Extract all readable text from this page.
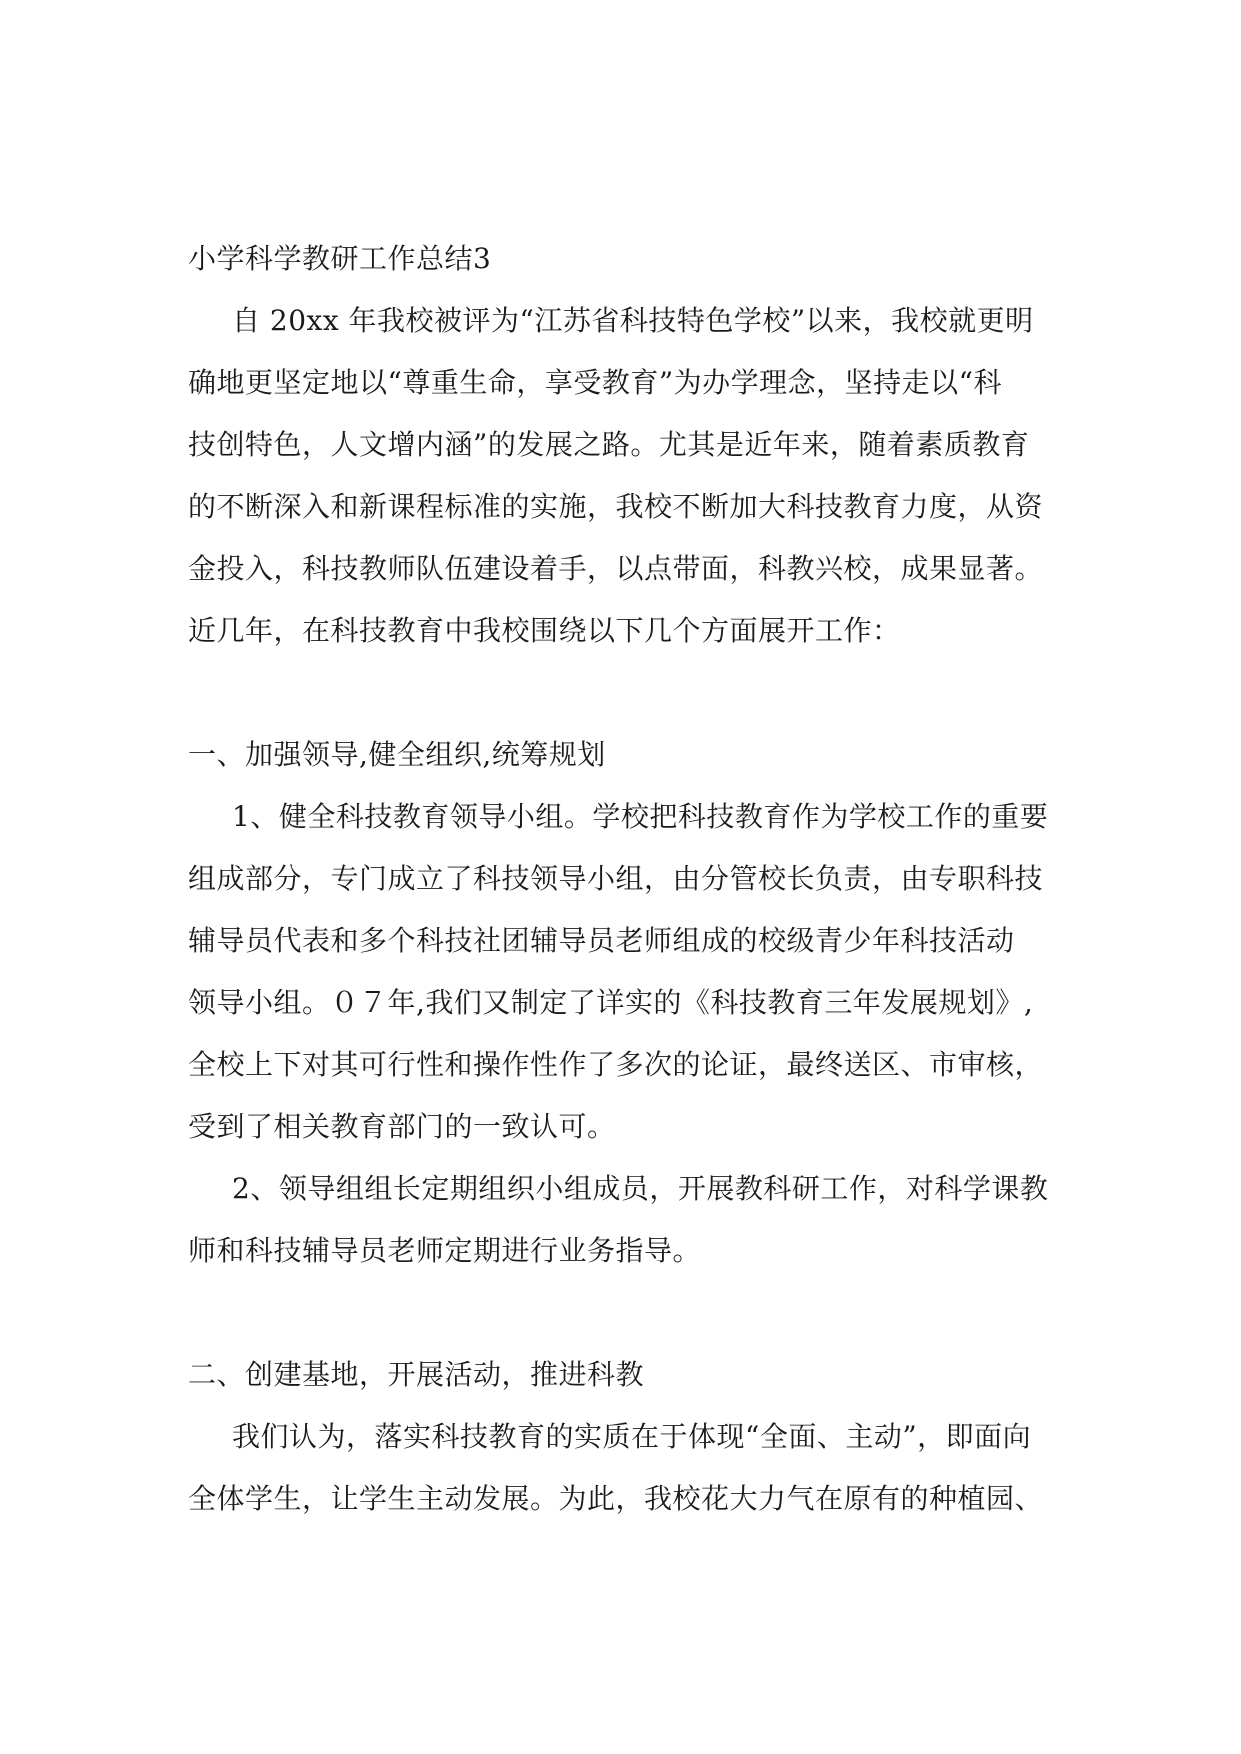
小学科学教研工作总结3
自 20xx 年我校被评为“江苏省科技特色学校”以来，我校就更明
确地更坚定地以“尊重生命，享受教育”为办学理念，坚持走以“科
技创特色，人文增内涵”的发展之路。尤其是近年来，随着素质教育
的不断深入和新课程标准的实施，我校不断加大科技教育力度，从资
金投入，科技教师队伍建设着手，以点带面，科教兴校，成果显著。
近几年，在科技教育中我校围绕以下几个方面展开工作：
一、加强领导,健全组织,统筹规划
1、健全科技教育领导小组。学校把科技教育作为学校工作的重要
组成部分，专门成立了科技领导小组，由分管校长负责，由专职科技
辅导员代表和多个科技社团辅导员老师组成的校级青少年科技活动
领导小组。０７年,我们又制定了详实的《科技教育三年发展规划》,
全校上下对其可行性和操作性作了多次的论证，最终送区、市审核，
受到了相关教育部门的一致认可。
2、领导组组长定期组织小组成员，开展教科研工作，对科学课教
师和科技辅导员老师定期进行业务指导。
二、创建基地，开展活动，推进科教
我们认为，落实科技教育的实质在于体现“全面、主动”，即面向
全体学生，让学生主动发展。为此，我校花大力气在原有的种植园、
